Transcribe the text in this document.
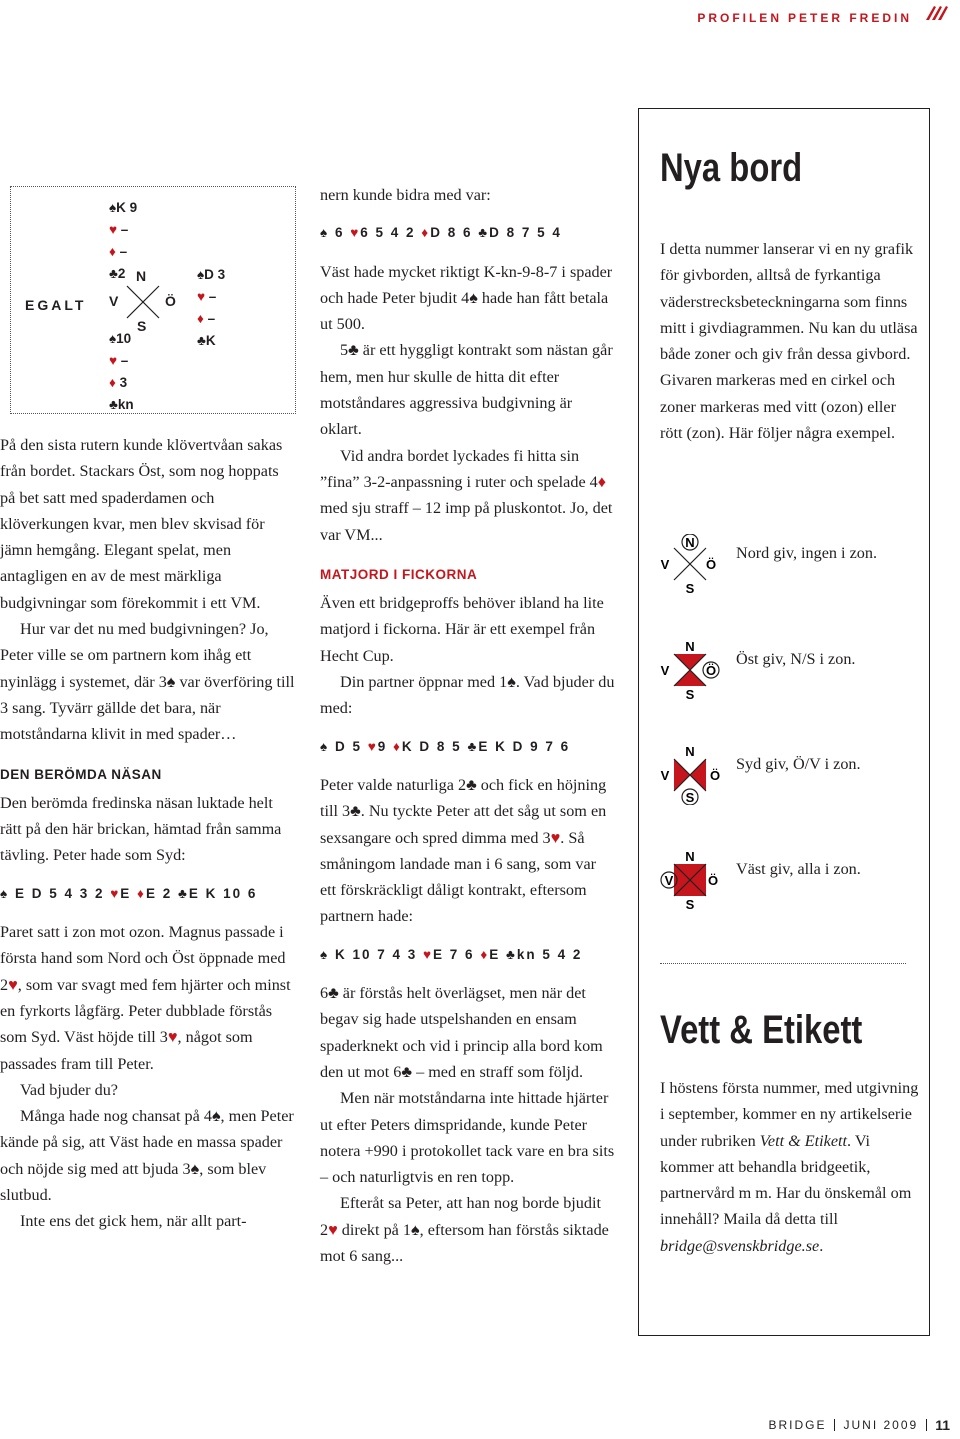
PROFILEN PETER FREDIN
EGALT
♠K 9
♥ –
♦ –
♣2 N
V	Ö
S
♠D 3
♥ –
♦ –
♣K
♠10
♥ –
♦ 3
♣kn

På den sista rutern kunde klövertvåan sakas från bordet. Stackars Öst, som nog hoppats på bet satt med spaderdamen och klöverkungen kvar, men blev skvisad för jämn hemgång. Elegant spelat, men antagligen en av de mest märkliga budgivningar som förekommit i ett VM.

Hur var det nu med budgivningen? Jo, Peter ville se om partnern kom ihåg ett nyinlägg i systemet, där 3♠ var överföring till 3 sang. Tyvärr gällde det bara, när motståndarna klivit in med spader…

DEN BERÖMDA NÄSAN

Den berömda fredinska näsan luktade helt rätt på den här brickan, hämtad från samma tävling. Peter hade som Syd:

♠ E D 5 4 3 2 ♥E ♦E 2 ♣E K 10 6

Paret satt i zon mot ozon. Magnus passade i första hand som Nord och Öst öppnade med 2♥, som var svagt med fem hjärter och minst en fyrkorts lågfärg. Peter dubblade förstås som Syd. Väst höjde till 3♥, något som passades fram till Peter.

Vad bjuder du?

Många hade nog chansat på 4♠, men Peter kände på sig, att Väst hade en massa spader och nöjde sig med att bjuda 3♠, som blev slutbud.

Inte ens det gick hem, när allt part-

nern kunde bidra med var:

♠ 6 ♥6 5 4 2 ♦D 8 6 ♣D 8 7 5 4

Väst hade mycket riktigt K-kn-9-8-7 i spader och hade Peter bjudit 4♠ hade han fått betala ut 500.

5♣ är ett hyggligt kontrakt som nästan går hem, men hur skulle de hitta dit efter motståndares aggressiva budgivning är oklart.

Vid andra bordet lyckades fi hitta sin ”fina” 3-2-anpassning i ruter och spelade 4♦ med sju straff – 12 imp på pluskontot. Jo, det var VM...

MATJORD I FICKORNA

Även ett bridgeproffs behöver ibland ha lite matjord i fickorna. Här är ett exempel från Hecht Cup.

Din partner öppnar med 1♠. Vad bjuder du med:

♠ D 5 ♥9 ♦K D 8 5 ♣E K D 9 7 6

Peter valde naturliga 2♣ och fick en höjning till 3♣. Nu tyckte Peter att det såg ut som en sexsangare och spred dimma med 3♥. Så småningom landade man i 6 sang, som var ett förskräckligt dåligt kontrakt, eftersom partnern hade:

♠ K 10 7 4 3 ♥E 7 6 ♦E ♣kn 5 4 2

6♣ är förstås helt överlägset, men när det begav sig hade utspelshanden en ensam spaderknekt och vid i princip alla bord kom den ut mot 6♣ – med en straff som följd.

Men när motståndarna inte hittade hjärter ut efter Peters dimspridande, kunde Peter notera +990 i protokollet tack vare en bra sits – och naturligtvis en ren topp.

Efteråt sa Peter, att han nog borde bjudit 2♥ direkt på 1♠, eftersom han förstås siktade mot 6 sang...

Nya bord
I detta nummer lanserar vi en ny grafik för givborden, alltså de fyrkantiga väderstrecksbeteckningarna som finns mitt i givdiagrammen. Nu kan du utläsa både zoner och giv från dessa givbord. Givaren markeras med en cirkel och zoner markeras med vitt (ozon) eller rött (zon). Här följer några exempel.
N
V	Ö
S
Nord giv, ingen i zon.
N
V	Ö
S
Öst giv, N/S i zon.
N
V	Ö
S
Syd giv, Ö/V i zon.
N
V	Ö
S
Väst giv, alla i zon.
Vett & Etikett
I höstens första nummer, med utgivning i september, kommer en ny artikelserie under rubriken Vett & Etikett. Vi kommer att behandla bridgeetik, partnervård m m. Har du önskemål om innehåll? Maila då detta till bridge@svenskbridge.se.
BRIDGE JUNI 2009 11
